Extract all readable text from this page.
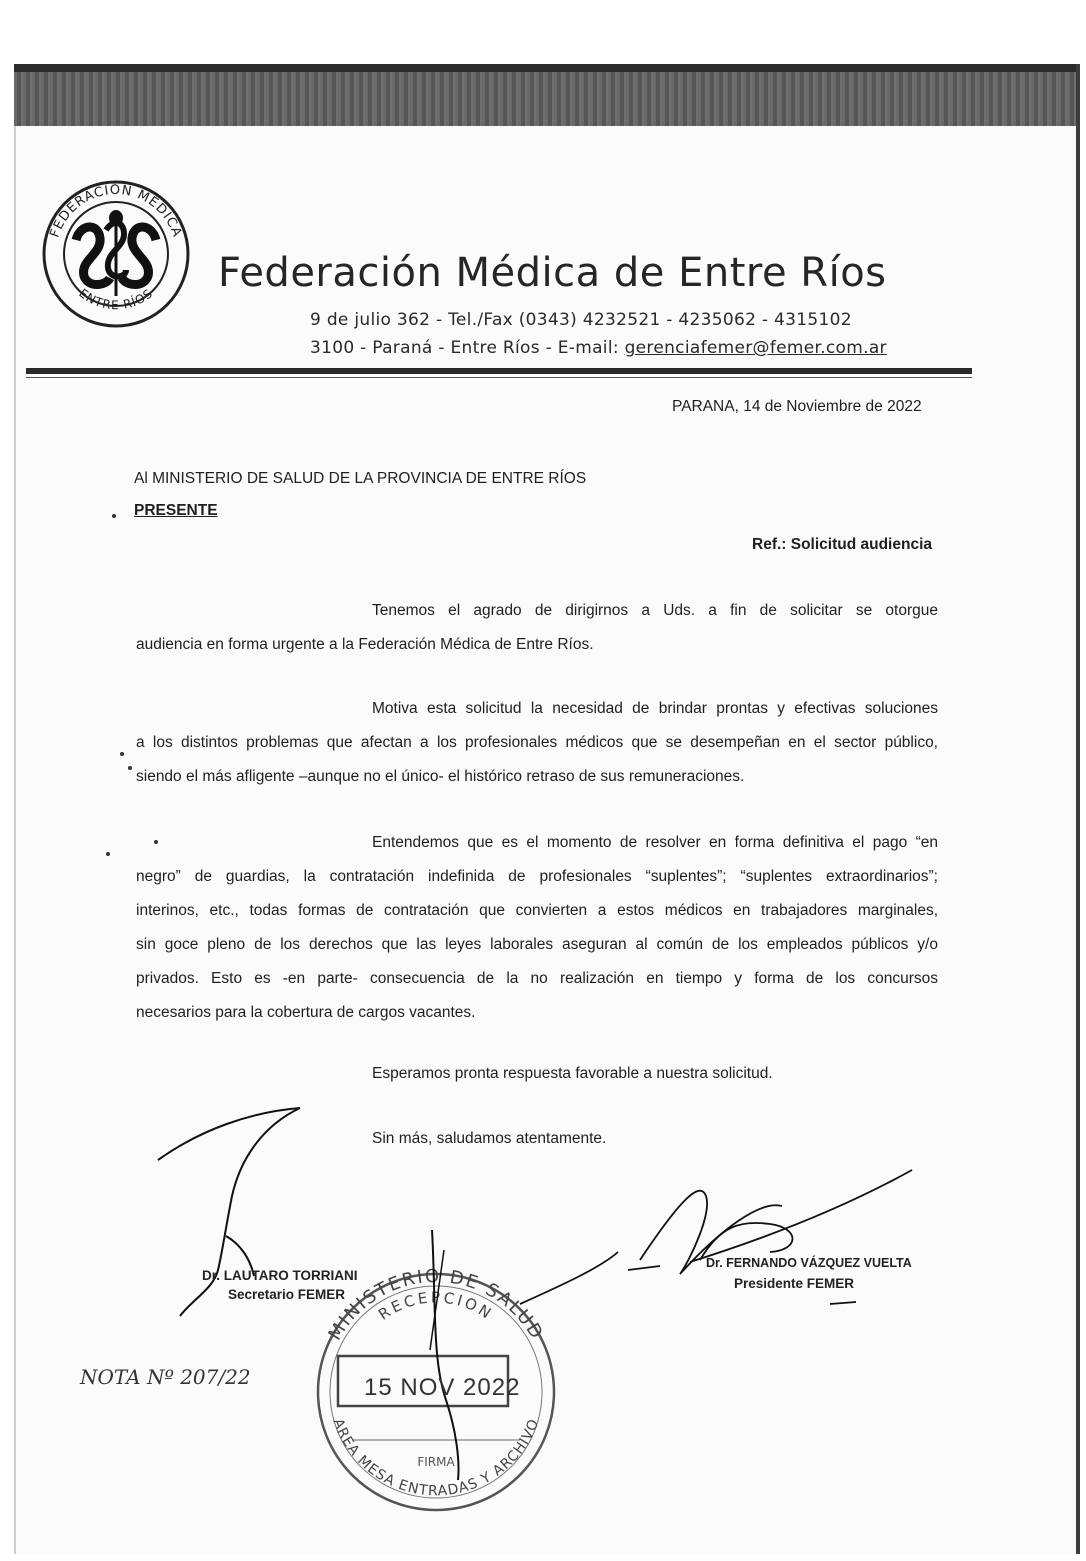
FEDERACIÓN MÉDICA
ENTRE RÍOS Federación Médica de Entre Ríos
9 de julio 362 - Tel./Fax (0343) 4232521 - 4235062 - 4315102
3100 - Paraná - Entre Ríos - E-mail: gerenciafemer@femer.com.ar
PARANA, 14 de Noviembre de 2022
Al MINISTERIO DE SALUD DE LA PROVINCIA DE ENTRE RÍOS
PRESENTE
Ref.: Solicitud audiencia
Tenemos el agrado de dirigirnos a Uds. a fin de solicitar se otorgue
audiencia en forma urgente a la Federación Médica de Entre Ríos.
Motiva esta solicitud la necesidad de brindar prontas y efectivas soluciones
a los distintos problemas que afectan a los profesionales médicos que se desempeñan en el sector público,
siendo el más afligente –aunque no el único- el histórico retraso de sus remuneraciones.
Entendemos que es el momento de resolver en forma definitiva el pago “en
negro” de guardias, la contratación indefinida de profesionales “suplentes”; “suplentes extraordinarios”;
interinos, etc., todas formas de contratación que convierten a estos médicos en trabajadores marginales,
sin goce pleno de los derechos que las leyes laborales aseguran al común de los empleados públicos y/o
privados. Esto es -en parte- consecuencia de la no realización en tiempo y forma de los concursos
necesarios para la cobertura de cargos vacantes.
Esperamos pronta respuesta favorable a nuestra solicitud.
Sin más, saludamos atentamente.
MINISTERIO DE SALUD
RECEPCION
AREA MESA ENTRADAS Y ARCHIVO
FIRMA
NOTA Nº 207/22	15 NOV 2022
Dr. LAUTARO TORRIANI
Secretario FEMER
Dr. FERNANDO VÁZQUEZ VUELTA
Presidente FEMER
